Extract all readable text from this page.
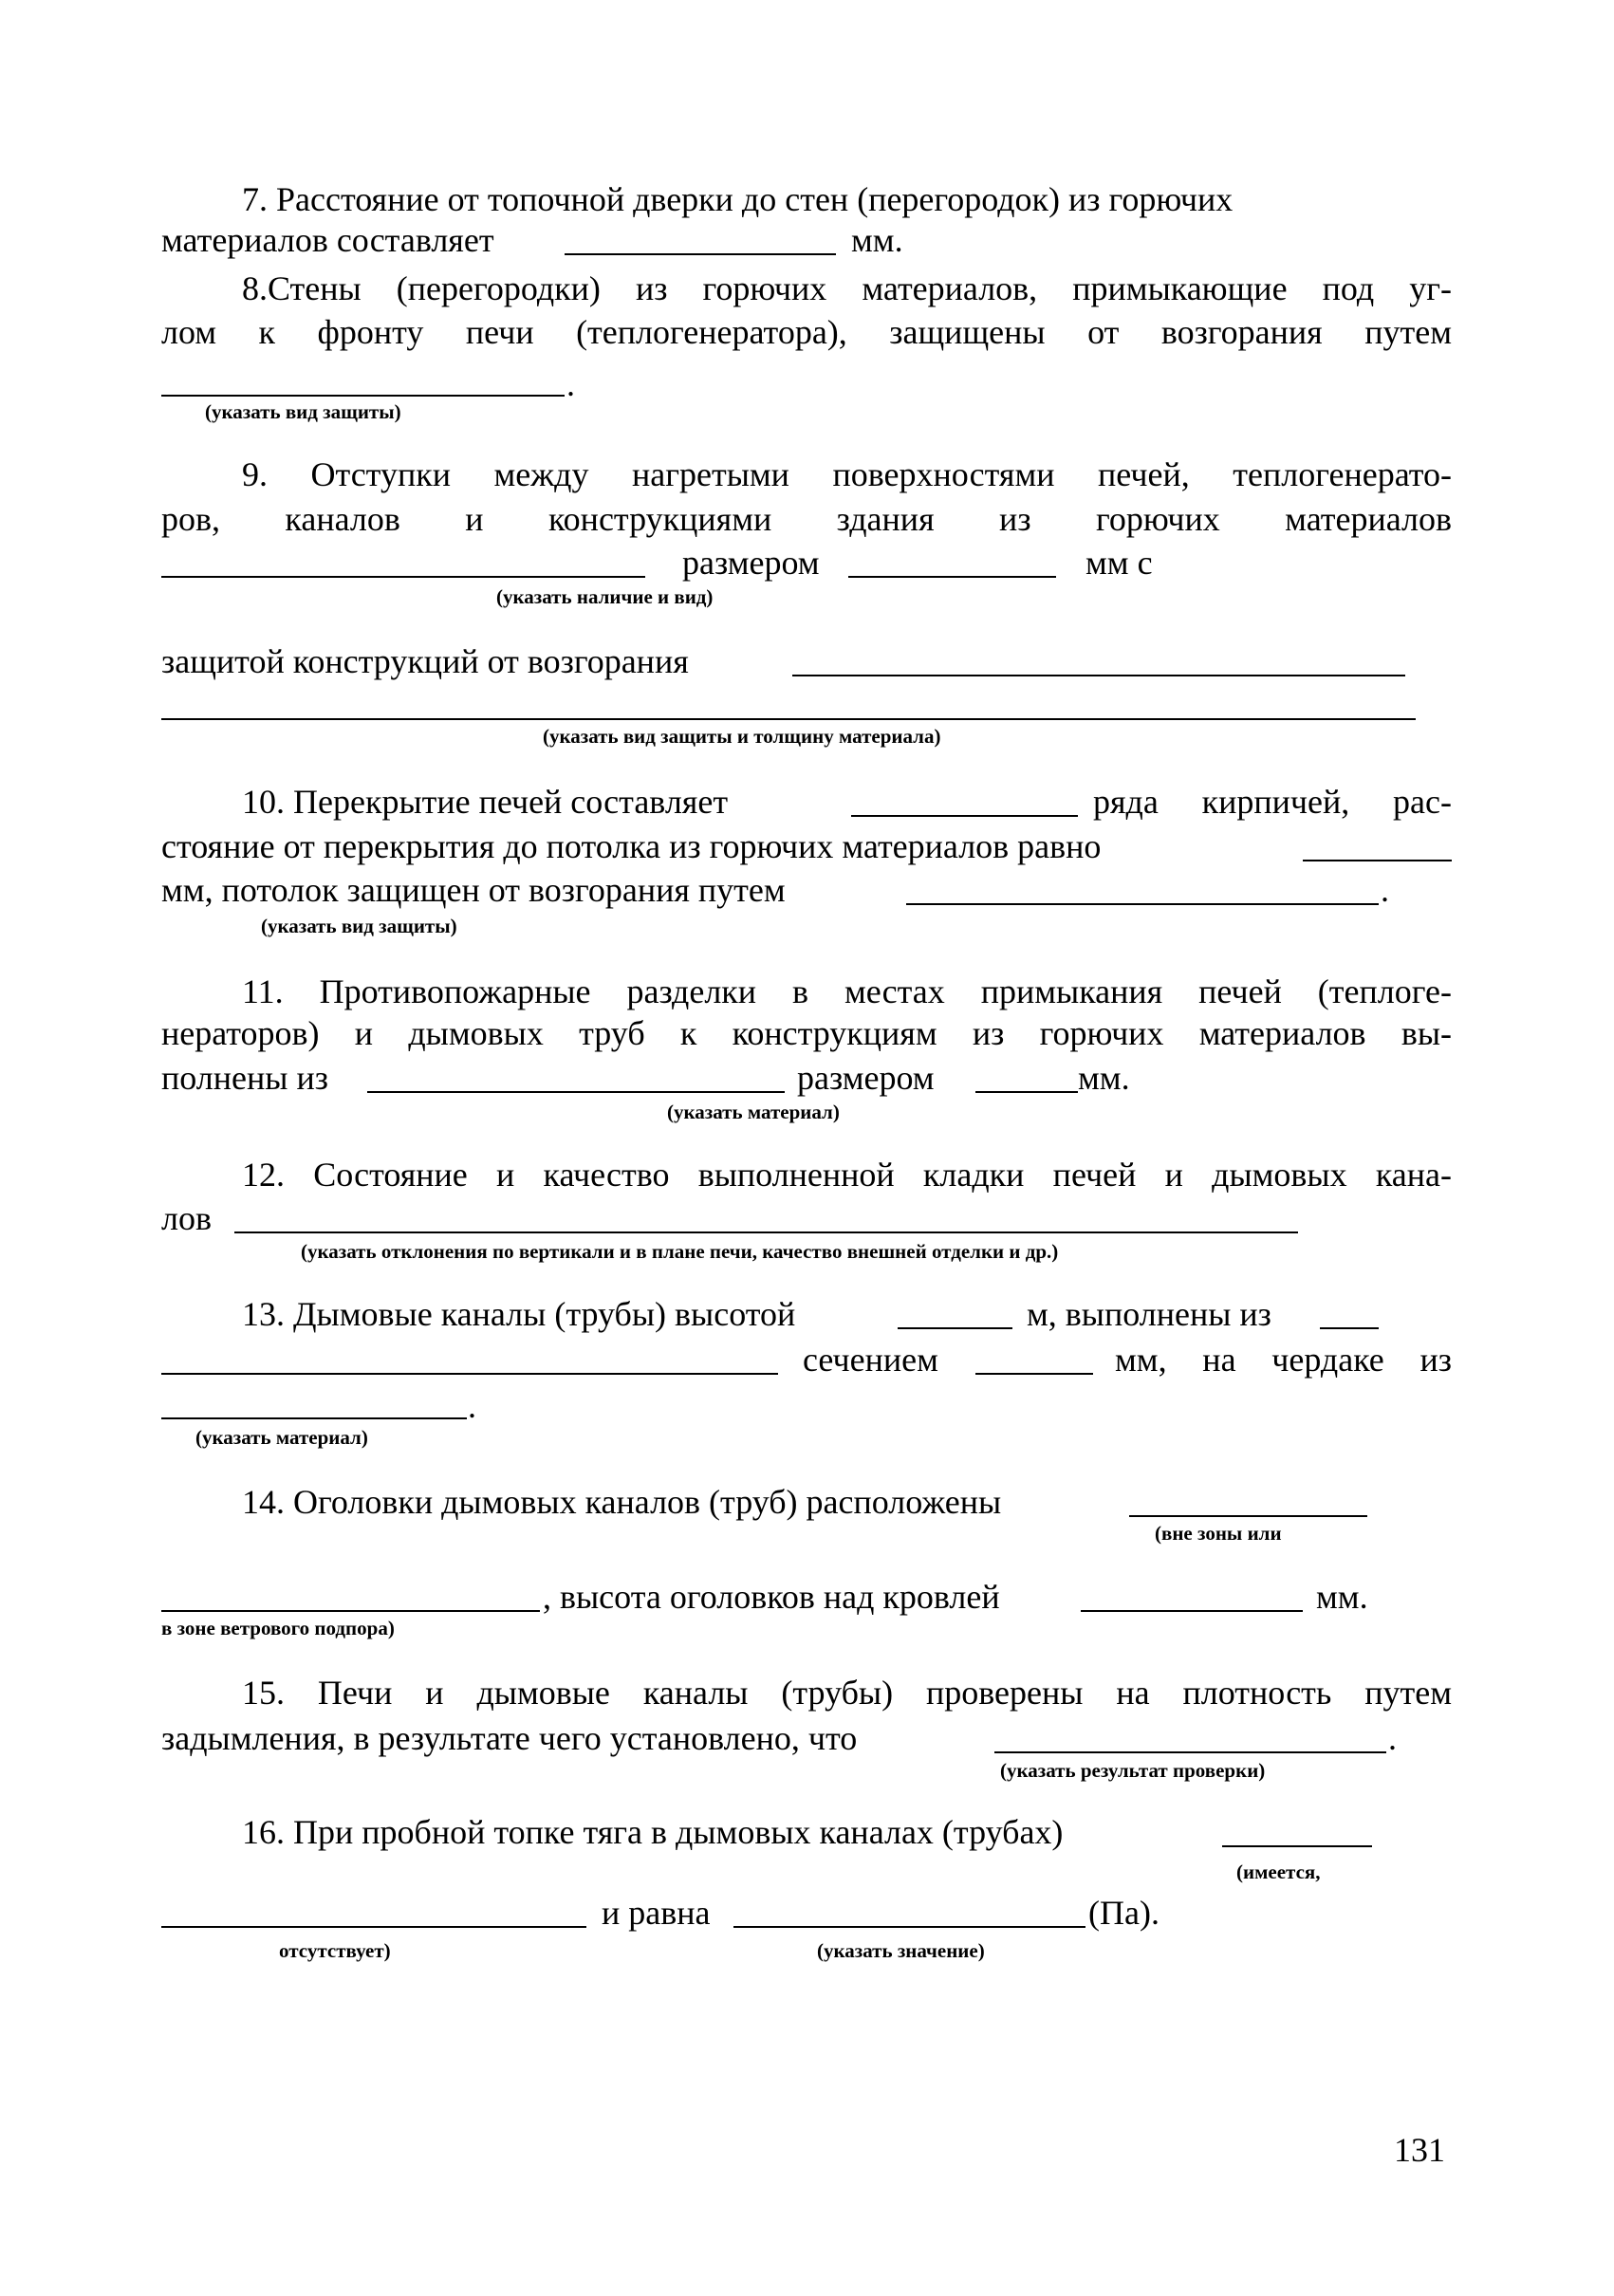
7. Расстояние от топочной дверки до стен (перегородок) из горючих
материалов составляет	мм.
8.Стены (перегородки) из горючих материалов, примыкающие под уг-
лом к фронту печи (теплогенератора), защищены от возгорания путем
.
(указать вид защиты)
9. Отступки между нагретыми поверхностями печей, теплогенерато-
ров, каналов и конструкциями здания из горючих материалов
размером	мм с
(указать наличие и вид)
защитой конструкций от возгорания
(указать вид защиты и толщину материала)
10. Перекрытие печей составляет	ряда кирпичей, рас-
стояние от перекрытия до потолка из горючих материалов равно
мм, потолок защищен от возгорания путем	.
(указать вид защиты)
11. Противопожарные разделки в местах примыкания печей (теплоге-
нераторов) и дымовых труб к конструкциям из горючих материалов вы-
полнены из	размером	мм.
(указать материал)
12. Состояние и качество выполненной кладки печей и дымовых кана-
лов
(указать отклонения по вертикали и в плане печи, качество внешней отделки и др.)
13. Дымовые каналы (трубы) высотой	м, выполнены из
сечением	мм, на чердаке из
.
(указать материал)
14. Оголовки дымовых каналов (труб) расположены
(вне зоны или
, высота оголовков над кровлей	мм.
в зоне ветрового подпора)
15. Печи и дымовые каналы (трубы) проверены на плотность путем
задымления, в результате чего установлено, что	.
(указать результат проверки)
16. При пробной топке тяга в дымовых каналах (трубах)
(имеется,
и равна	(Па).
отсутствует)	(указать значение)
131
